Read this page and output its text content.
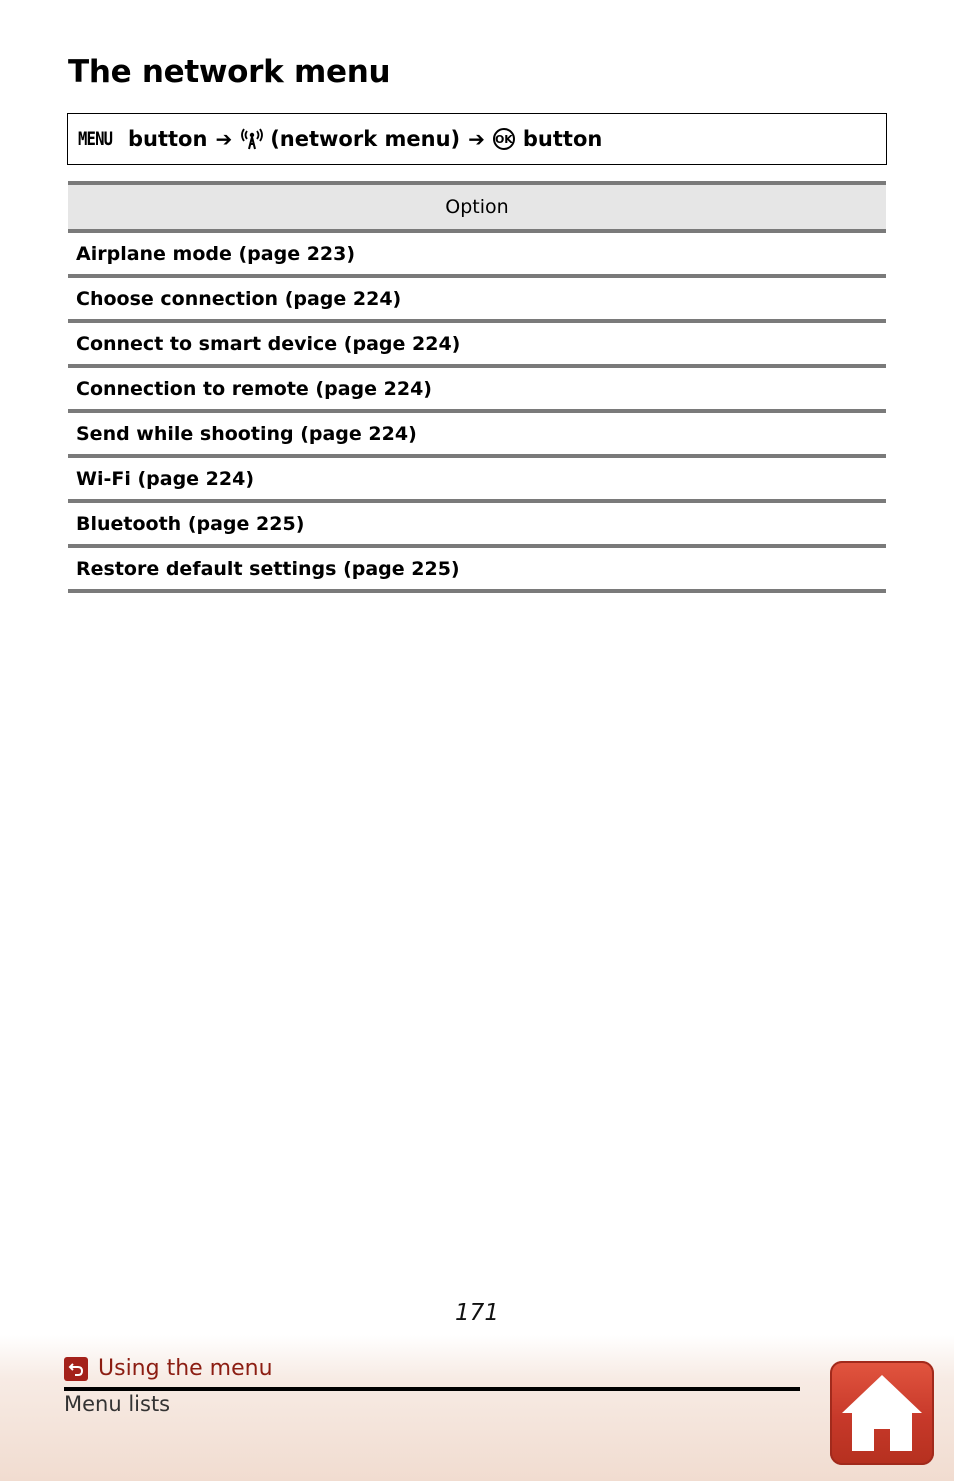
The network menu
MENU button ➔ (network menu) ➔ OK button
Option
Airplane mode (page 223)
Choose connection (page 224)
Connect to smart device (page 224)
Connection to remote (page 224)
Send while shooting (page 224)
Wi-Fi (page 224)
Bluetooth (page 225)
Restore default settings (page 225)
171
Using the menu
Menu lists
